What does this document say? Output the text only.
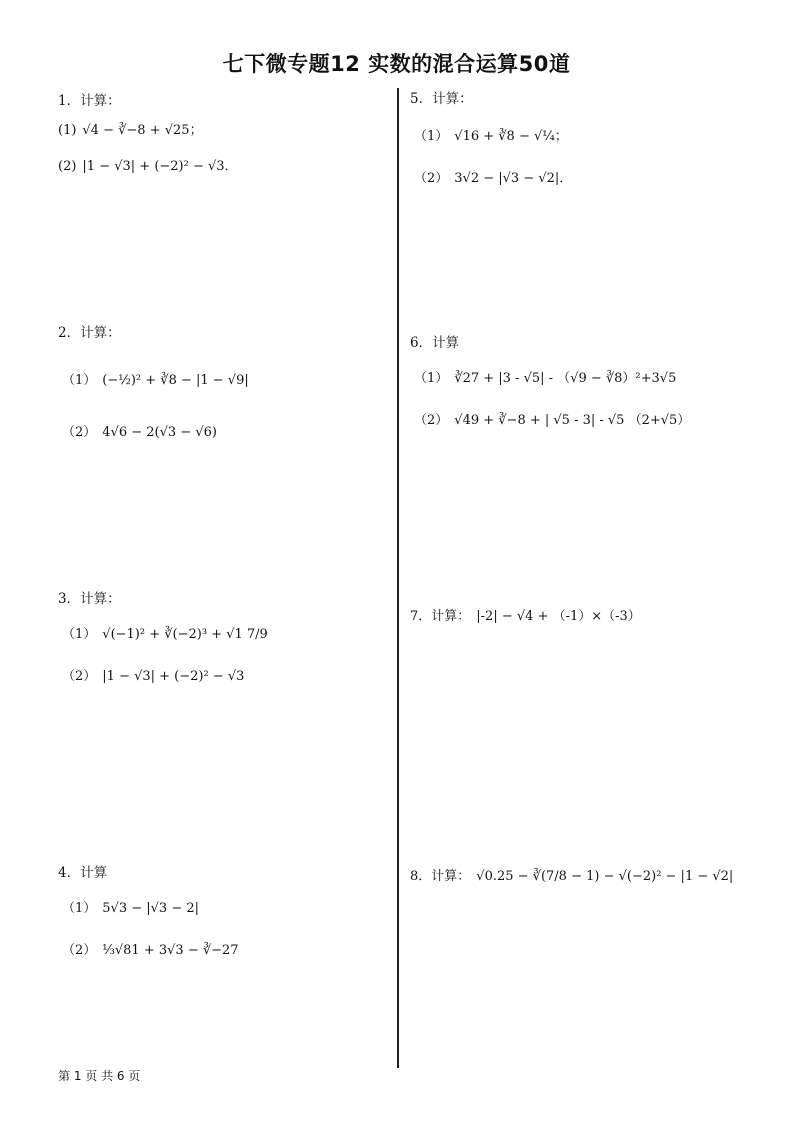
七下微专题12 实数的混合运算50道
1．计算：
(1) √4 − ∛−8 + √25；
(2) |1 − √3| + (−2)² − √3．
2．计算：
（1） (−½)² + ∛8 − |1 − √9|
（2） 4√6 − 2(√3 − √6)
3．计算：
（1） √(−1)² + ∛(−2)³ + √1 7/9
（2） |1 − √3| + (−2)² − √3
4．计算
（1） 5√3 − |√3 − 2|
（2） ⅓√81 + 3√3 − ∛−27
5．计算：
（1） √16 + ∛8 − √¼；
（2） 3√2 − |√3 − √2|．
6．计算
（1） ∛27 + |3 - √5| - （√9 − ∛8）²+3√5
（2） √49 + ∛−8 + | √5 - 3| - √5 （2+√5）
7．计算： |-2| − √4 + （-1）×（-3）
8．计算： √0.25 − ∛(7/8 − 1) − √(−2)² − |1 − √2|
第 1 页 共 6 页
